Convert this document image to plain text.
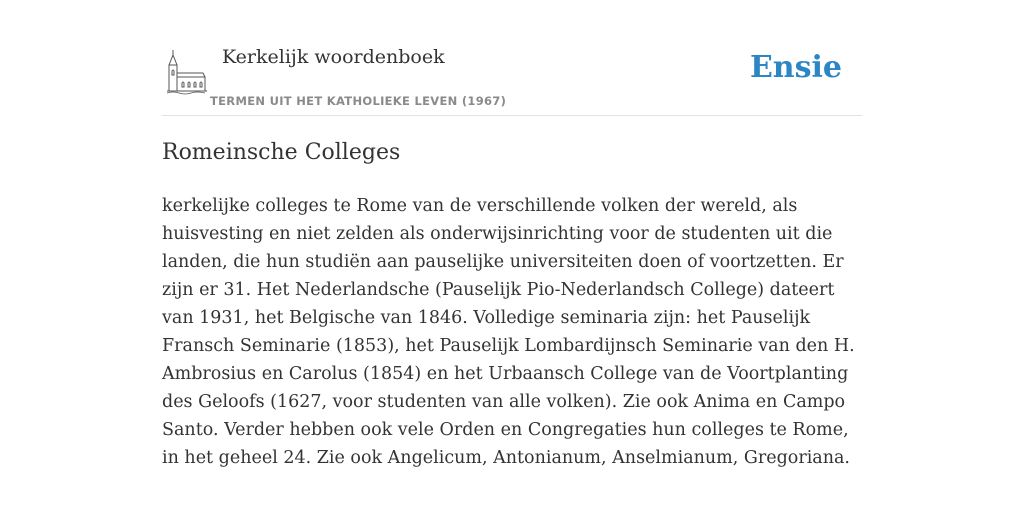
Kerkelijk woordenboek
TERMEN UIT HET KATHOLIEKE LEVEN (1967)
Ensie
Romeinsche Colleges

kerkelijke colleges te Rome van de verschillende volken der wereld, als huisvesting en niet zelden als onderwijsinrichting voor de studenten uit die landen, die hun studiën aan pauselijke universiteiten doen of voortzetten. Er zijn er 31. Het Nederlandsche (Pauselijk Pio-Nederlandsch College) dateert van 1931, het Belgische van 1846. Volledige seminaria zijn: het Pauselijk Fransch Seminarie (1853), het Pauselijk Lombardijnsch Seminarie van den H. Ambrosius en Carolus (1854) en het Urbaansch College van de Voortplanting des Geloofs (1627, voor studenten van alle volken). Zie ook Anima en Campo Santo. Verder hebben ook vele Orden en Congregaties hun colleges te Rome, in het geheel 24. Zie ook Angelicum, Antonianum, Anselmianum, Gregoriana.
